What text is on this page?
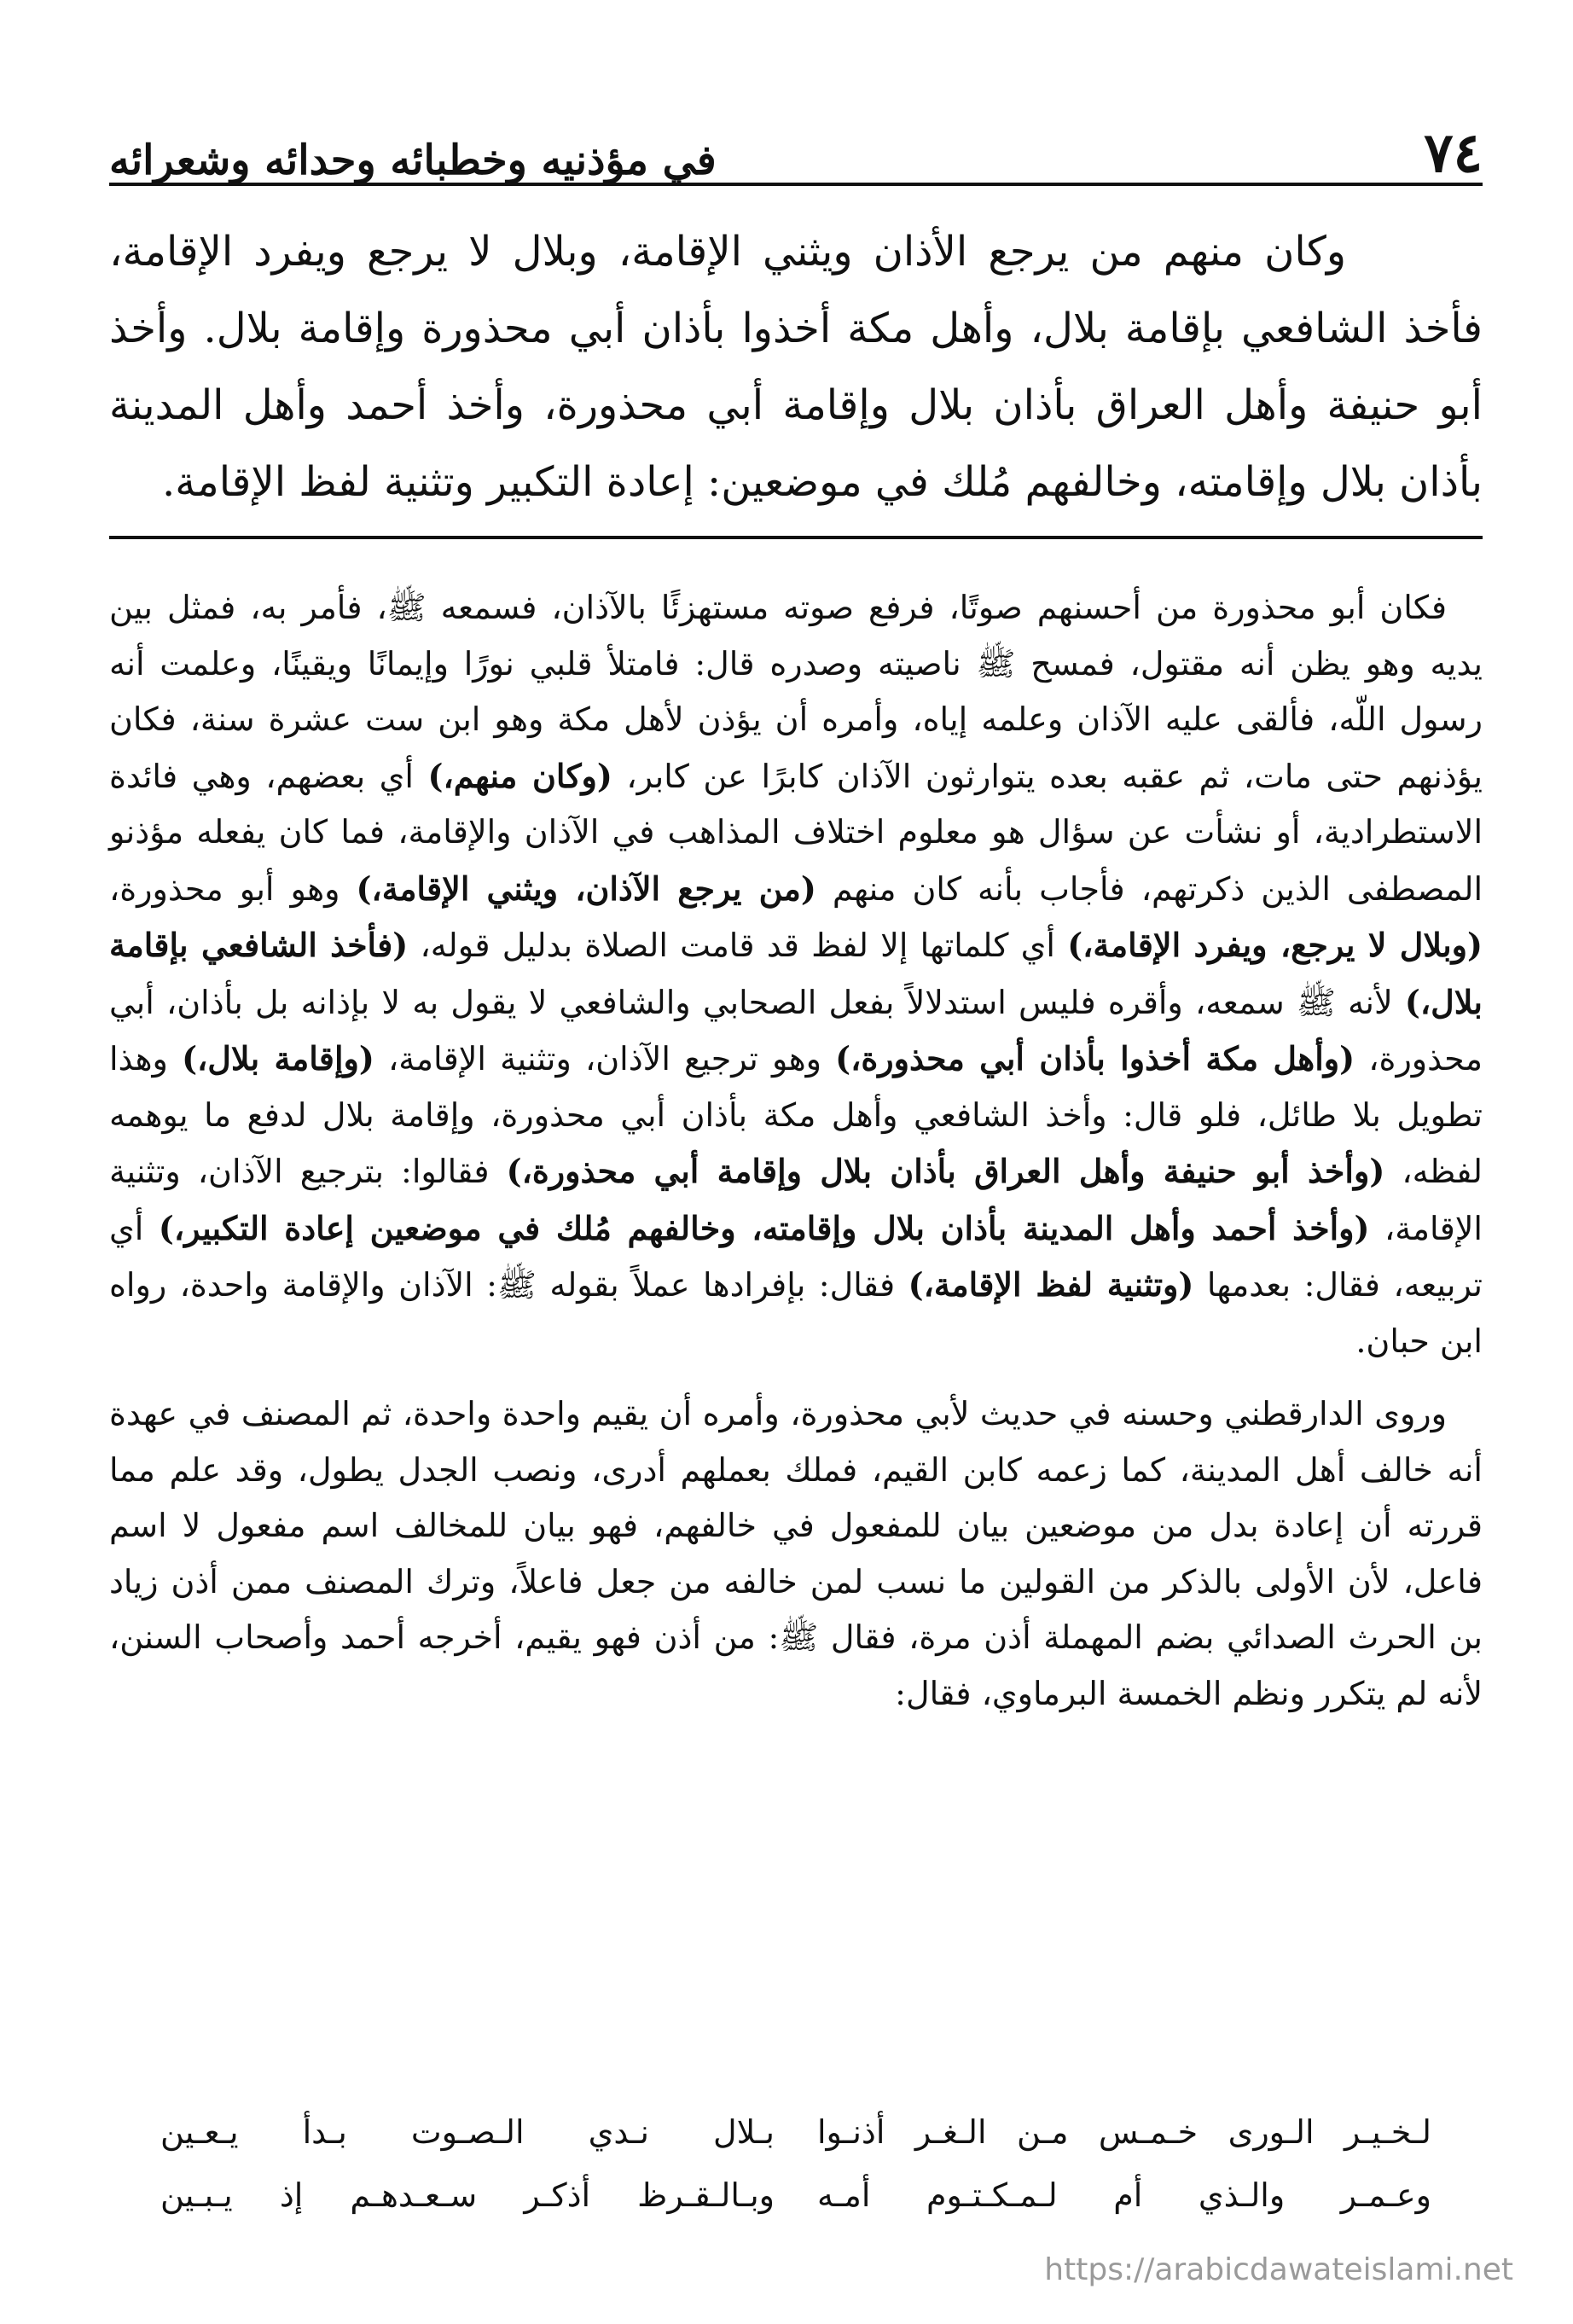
٧٤
في مؤذنيه وخطبائه وحدائه وشعرائه
وكان منهم من يرجع الأذان ويثني الإقامة، وبلال لا يرجع ويفرد الإقامة، فأخذ الشافعي بإقامة بلال، وأهل مكة أخذوا بأذان أبي محذورة وإقامة بلال. وأخذ أبو حنيفة وأهل العراق بأذان بلال وإقامة أبي محذورة، وأخذ أحمد وأهل المدينة بأذان بلال وإقامته، وخالفهم مُلك في موضعين: إعادة التكبير وتثنية لفظ الإقامة.

فكان أبو محذورة من أحسنهم صوتًا، فرفع صوته مستهزئًا بالآذان، فسمعه ﷺ، فأمر به، فمثل بين يديه وهو يظن أنه مقتول، فمسح ﷺ ناصيته وصدره قال: فامتلأ قلبي نورًا وإيمانًا ويقينًا، وعلمت أنه رسول اللّه، فألقى عليه الآذان وعلمه إياه، وأمره أن يؤذن لأهل مكة وهو ابن ست عشرة سنة، فكان يؤذنهم حتى مات، ثم عقبه بعده يتوارثون الآذان كابرًا عن كابر، (وكان منهم،) أي بعضهم، وهي فائدة الاستطرادية، أو نشأت عن سؤال هو معلوم اختلاف المذاهب في الآذان والإقامة، فما كان يفعله مؤذنو المصطفى الذين ذكرتهم، فأجاب بأنه كان منهم (من يرجع الآذان، ويثني الإقامة،) وهو أبو محذورة، (وبلال لا يرجع، ويفرد الإقامة،) أي كلماتها إلا لفظ قد قامت الصلاة بدليل قوله، (فأخذ الشافعي بإقامة بلال،) لأنه ﷺ سمعه، وأقره فليس استدلالاً بفعل الصحابي والشافعي لا يقول به لا بإذانه بل بأذان، أبي محذورة، (وأهل مكة أخذوا بأذان أبي محذورة،) وهو ترجيع الآذان، وتثنية الإقامة، (وإقامة بلال،) وهذا تطويل بلا طائل، فلو قال: وأخذ الشافعي وأهل مكة بأذان أبي محذورة، وإقامة بلال لدفع ما يوهمه لفظه، (وأخذ أبو حنيفة وأهل العراق بأذان بلال وإقامة أبي محذورة،) فقالوا: بترجيع الآذان، وتثنية الإقامة، (وأخذ أحمد وأهل المدينة بأذان بلال وإقامته، وخالفهم مُلك في موضعين إعادة التكبير،) أي تربيعه، فقال: بعدمها (وتثنية لفظ الإقامة،) فقال: بإفرادها عملاً بقوله ﷺ: الآذان والإقامة واحدة، رواه ابن حبان.

وروى الدارقطني وحسنه في حديث لأبي محذورة، وأمره أن يقيم واحدة واحدة، ثم المصنف في عهدة أنه خالف أهل المدينة، كما زعمه كابن القيم، فملك بعملهم أدرى، ونصب الجدل يطول، وقد علم مما قررته أن إعادة بدل من موضعين بيان للمفعول في خالفهم، فهو بيان للمخالف اسم مفعول لا اسم فاعل، لأن الأولى بالذكر من القولين ما نسب لمن خالفه من جعل فاعلاً، وترك المصنف ممن أذن زياد بن الحرث الصدائي بضم المهملة أذن مرة، فقال ﷺ: من أذن فهو يقيم، أخرجه أحمد وأصحاب السنن، لأنه لم يتكرر ونظم الخمسة البرماوي، فقال:

لـخـيـر الـورى خـمـس مـن الـغـر أذنـوا
بـلال نـدي الـصـوت بـدأ يـعـين
وعـمـر والـذي أم لـمـكـتـوم أمـه
وبـالـقـرظ أذكـر سـعـدهـم إذ يـبـين
https://arabicdawateislami.net
